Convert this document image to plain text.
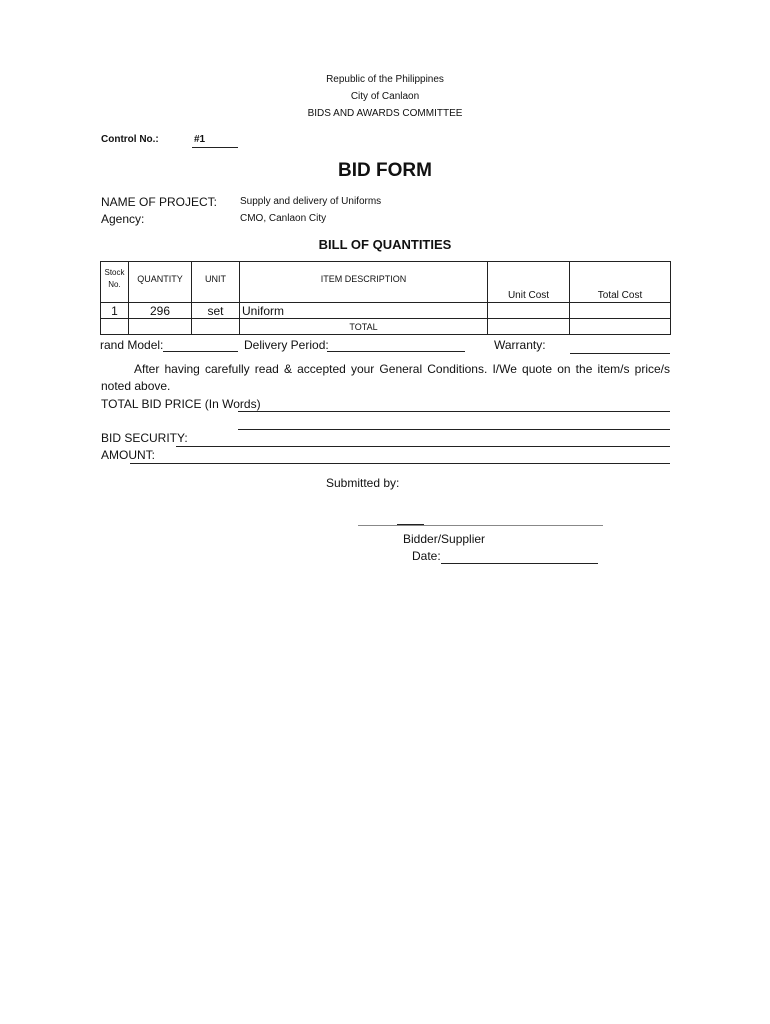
Republic of the Philippines
City of Canlaon
BIDS AND AWARDS COMMITTEE
Control No.:	#1
BID FORM
NAME OF PROJECT: Supply and delivery of Uniforms
Agency:	CMO, Canlaon City
BILL OF QUANTITIES
Stock No.	QUANTITY	UNIT	ITEM DESCRIPTION	Unit Cost	Total Cost
1	296	set	Uniform		
			TOTAL		
rand Model:	Delivery Period:	Warranty:
After having carefully read & accepted your General Conditions. I/We quote on the item/s price/s noted above.
TOTAL BID PRICE (In Words)
BID SECURITY:
AMOUNT:
Submitted by:
Bidder/Supplier
Date:
